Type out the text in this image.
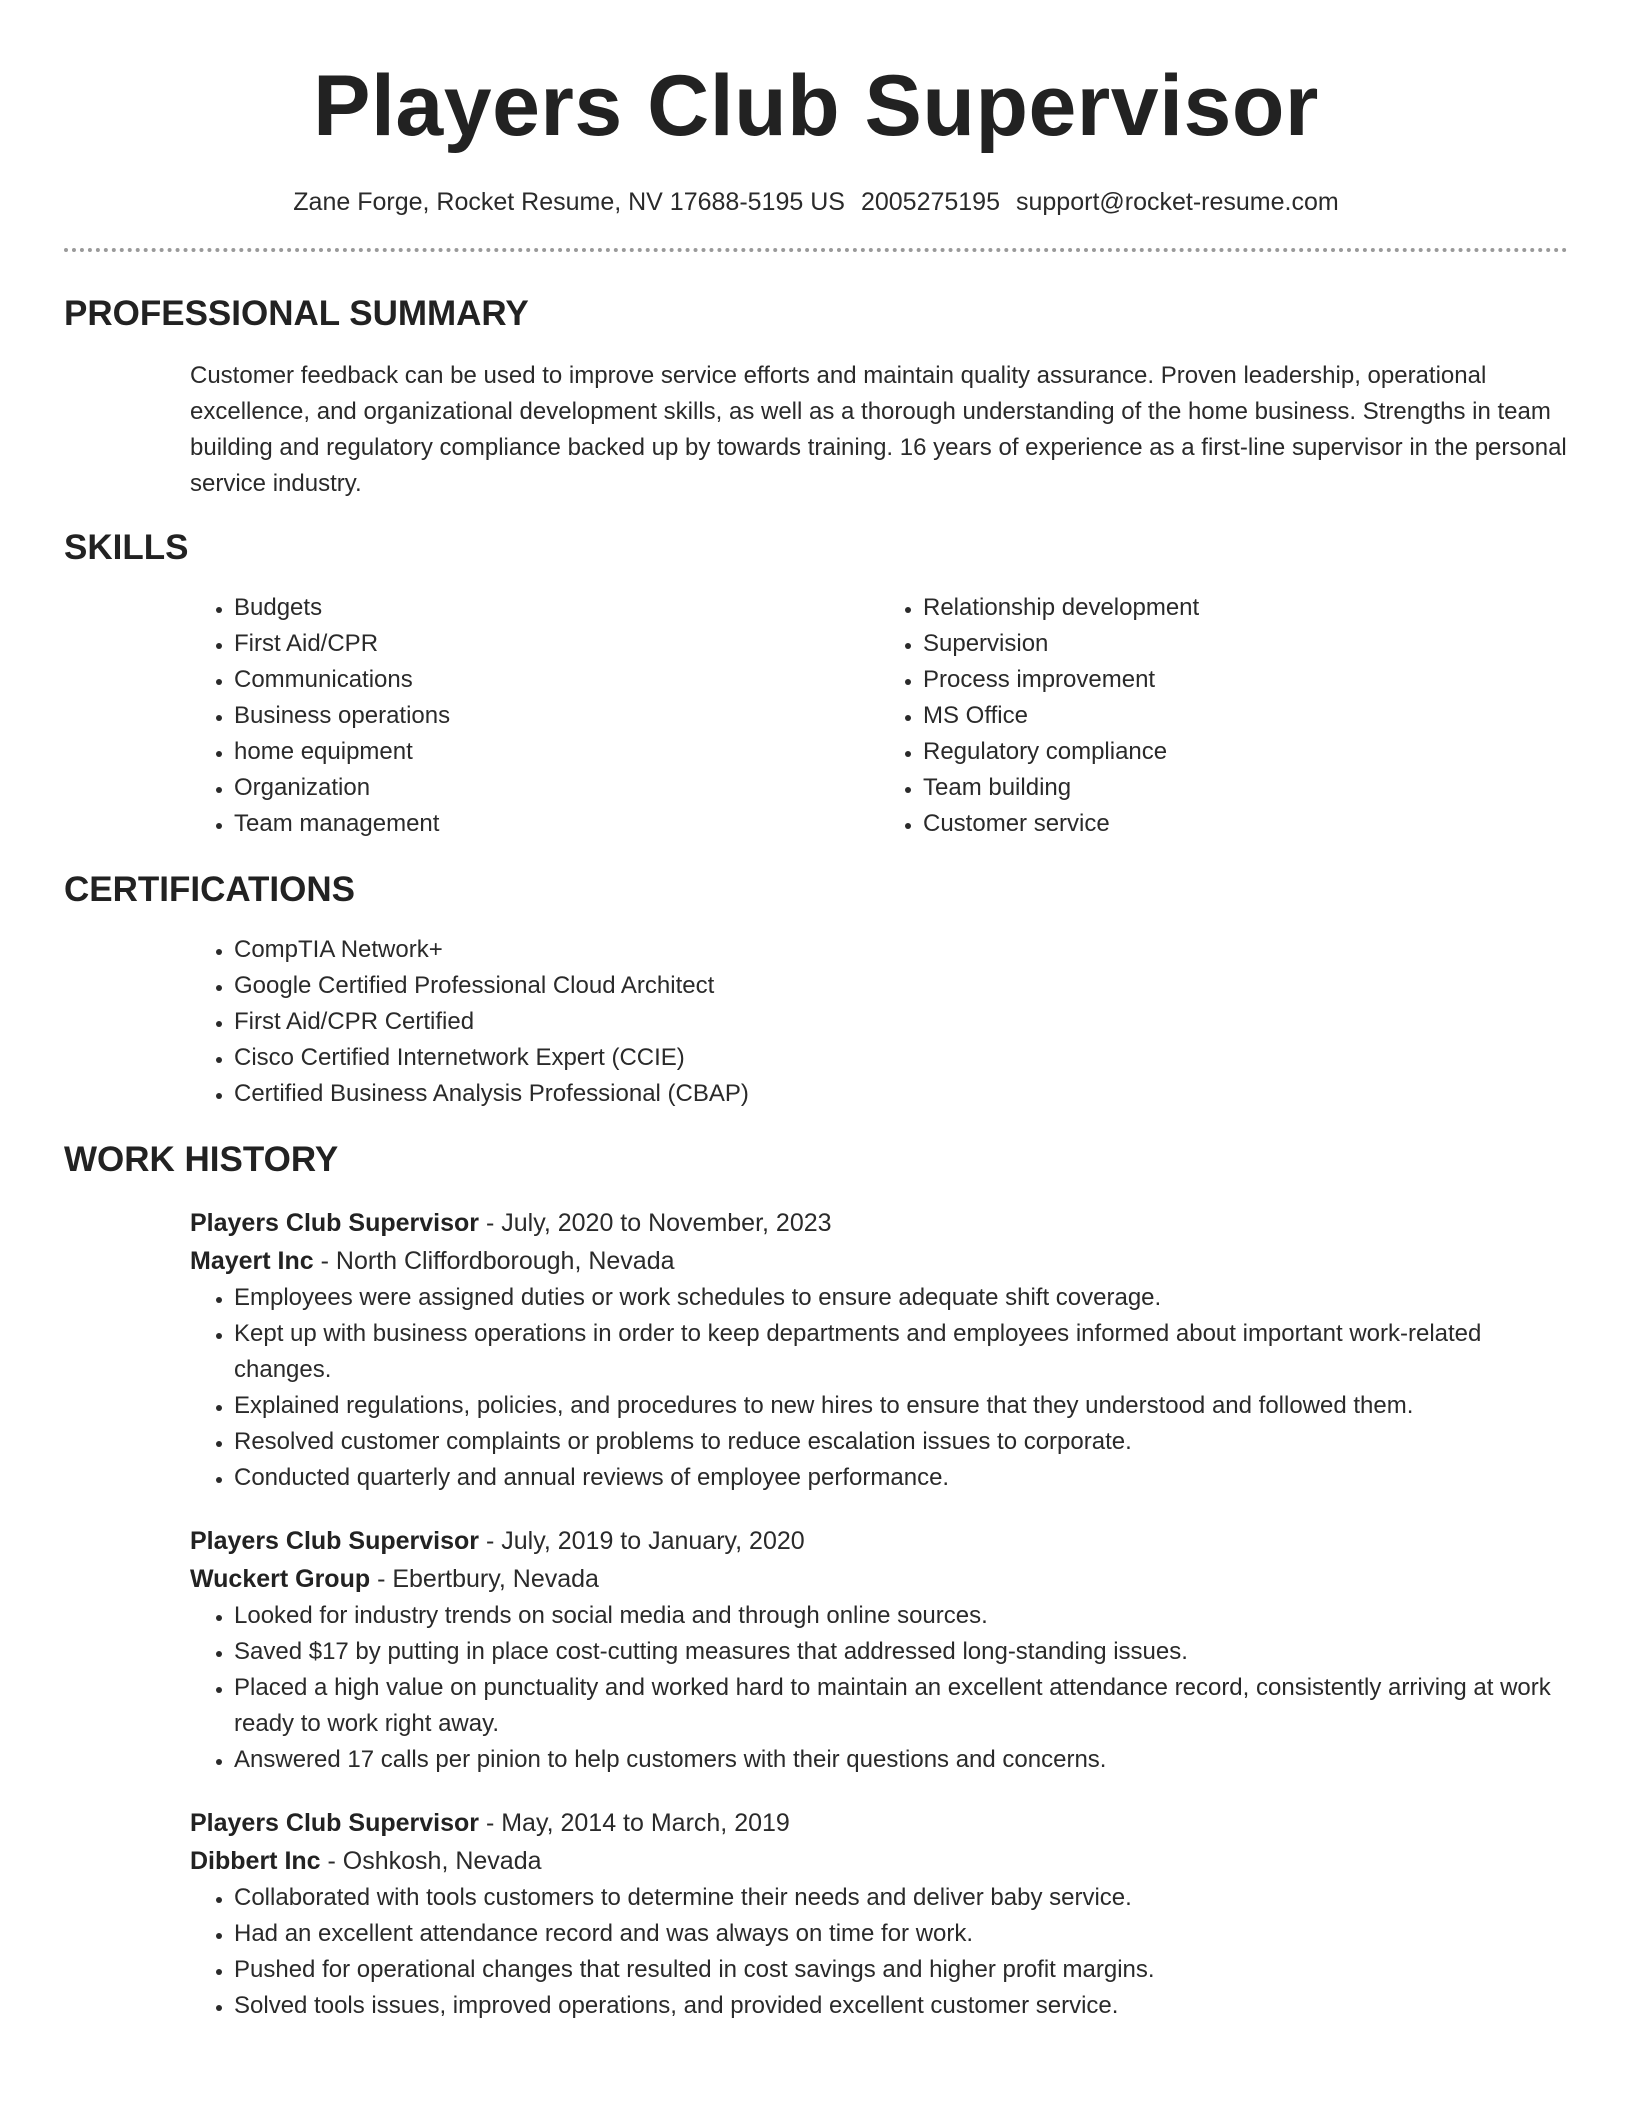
Players Club Supervisor
Zane Forge, Rocket Resume, NV 17688-5195 US 2005275195 support@rocket-resume.com
PROFESSIONAL SUMMARY
Customer feedback can be used to improve service efforts and maintain quality assurance. Proven leadership, operational excellence, and organizational development skills, as well as a thorough understanding of the home business. Strengths in team building and regulatory compliance backed up by towards training. 16 years of experience as a first-line supervisor in the personal service industry.
SKILLS
• Budgets
• First Aid/CPR
• Communications
• Business operations
• home equipment
• Organization
• Team management
• Relationship development
• Supervision
• Process improvement
• MS Office
• Regulatory compliance
• Team building
• Customer service
CERTIFICATIONS
• CompTIA Network+
• Google Certified Professional Cloud Architect
• First Aid/CPR Certified
• Cisco Certified Internetwork Expert (CCIE)
• Certified Business Analysis Professional (CBAP)
WORK HISTORY
Players Club Supervisor - July, 2020 to November, 2023
Mayert Inc - North Cliffordborough, Nevada
• Employees were assigned duties or work schedules to ensure adequate shift coverage.
• Kept up with business operations in order to keep departments and employees informed about important work-related changes.
• Explained regulations, policies, and procedures to new hires to ensure that they understood and followed them.
• Resolved customer complaints or problems to reduce escalation issues to corporate.
• Conducted quarterly and annual reviews of employee performance.
Players Club Supervisor - July, 2019 to January, 2020
Wuckert Group - Ebertbury, Nevada
• Looked for industry trends on social media and through online sources.
• Saved $17 by putting in place cost-cutting measures that addressed long-standing issues.
• Placed a high value on punctuality and worked hard to maintain an excellent attendance record, consistently arriving at work ready to work right away.
• Answered 17 calls per pinion to help customers with their questions and concerns.
Players Club Supervisor - May, 2014 to March, 2019
Dibbert Inc - Oshkosh, Nevada
• Collaborated with tools customers to determine their needs and deliver baby service.
• Had an excellent attendance record and was always on time for work.
• Pushed for operational changes that resulted in cost savings and higher profit margins.
• Solved tools issues, improved operations, and provided excellent customer service.
